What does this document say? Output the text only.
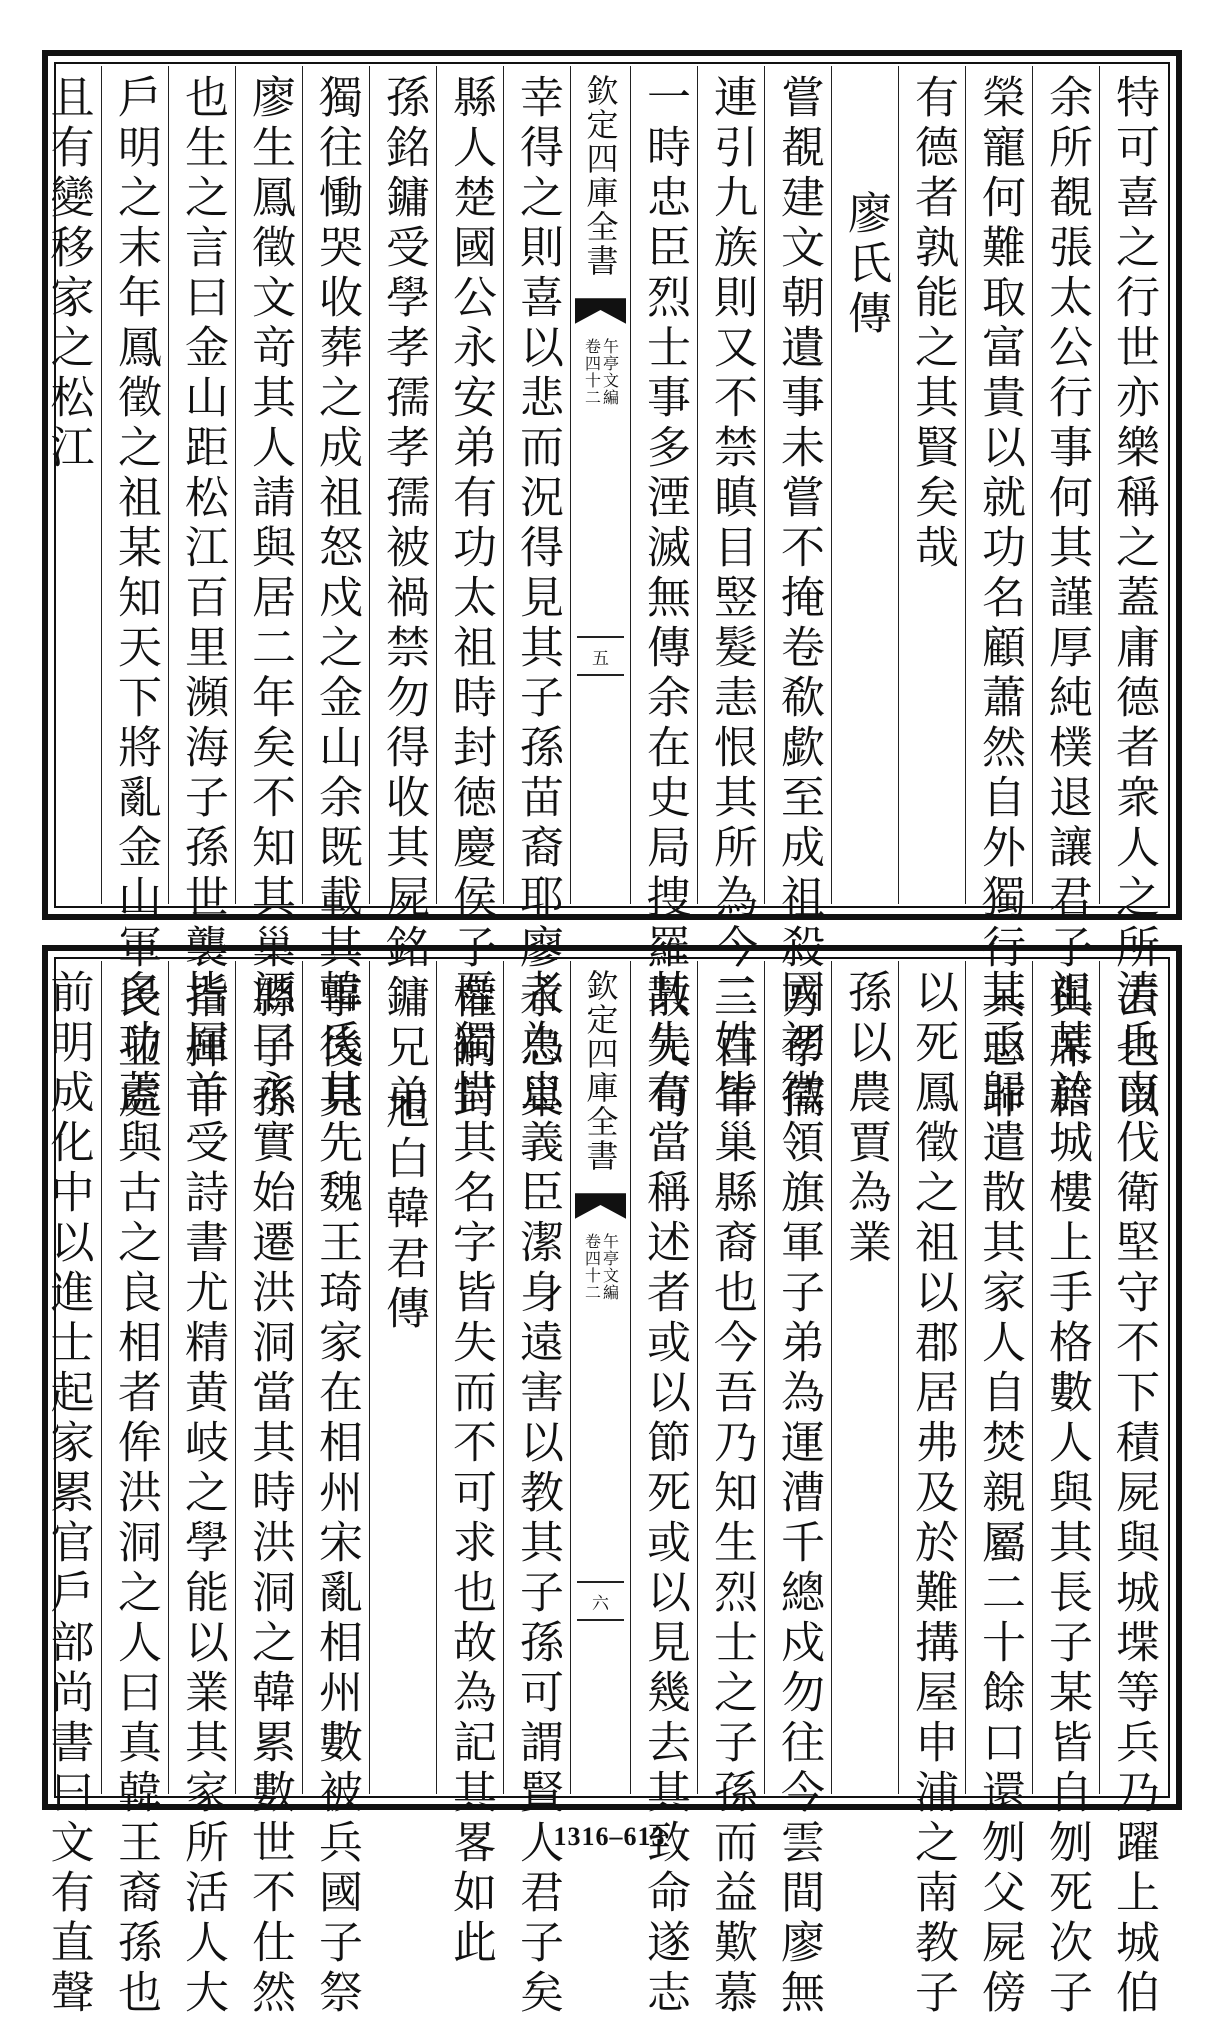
特可喜之行世亦樂稱之蓋庸德者衆人之所去也以
余所覩張太公行事何其謹厚純樸退讓君子與席藉
榮寵何難取富貴以就功名顧蕭然自外獨行其志非
有德者孰能之其賢矣哉
廖氏傳
嘗覩建文朝遺事未嘗不掩卷欷歔至成祖殺方孝孺
連引九族則又不禁瞋目竪髮恚恨其所為今三百年
一時忠臣烈士事多湮滅無傳余在史局捜羅散失苟
欽定四庫全書
午亭文編
卷四十二
五
幸得之則喜以悲而況得見其子孫苗裔耶廖永忠巢
縣人楚國公永安弟有功太祖時封徳慶侯子權嗣封
孫銘鏞受學孝孺孝孺被禍禁勿得收其屍銘鏞兄弟
獨往慟哭收葬之成祖怒戍之金山余既載其事後見
廖生鳳徵文竒其人請與居二年矣不知其巢縣子孫
也生之言曰金山距松江百里瀕海子孫世襲指揮千
戶明之末年鳳徵之祖某知天下將亂金山軍民並處
且有變移家之松江
清兵南伐衛堅守不下積屍與城堞等兵乃躍上城伯
祖某於城樓上手格數人與其長子某皆自刎死次子
某亟歸遣散其家人自焚親屬二十餘口還刎父屍傍
以死鳳徵之祖以郡居弗及於難搆屋申浦之南教子
孫以農賈為業
國初徵領旗軍子弟為運漕千總戍勿往今雲間廖無
二姓皆巢縣裔也今吾乃知生烈士之子孫而益歎慕
其先有當稱述者或以節死或以見幾去其致命遂志
欽定四庫全書
午亭文編
卷四十二
六
者為忠義臣潔身遠害以教其子孫可謂賢人君子矣
吾獨惜其名字皆失而不可求也故為記其畧如此
旭白韓君傳
韓氏其先魏王琦家在相州宋亂相州數被兵國子祭
酒曰永實始遷洪洞當其時洪洞之韓累數世不仕然
皆屈首受詩書尤精黄岐之學能以業其家所活人大
多功蓋與古之良相者侔洪洞之人曰真韓王裔孫也
前明成化中以進士起家累官戶部尚書曰文有直聲	1316–613
